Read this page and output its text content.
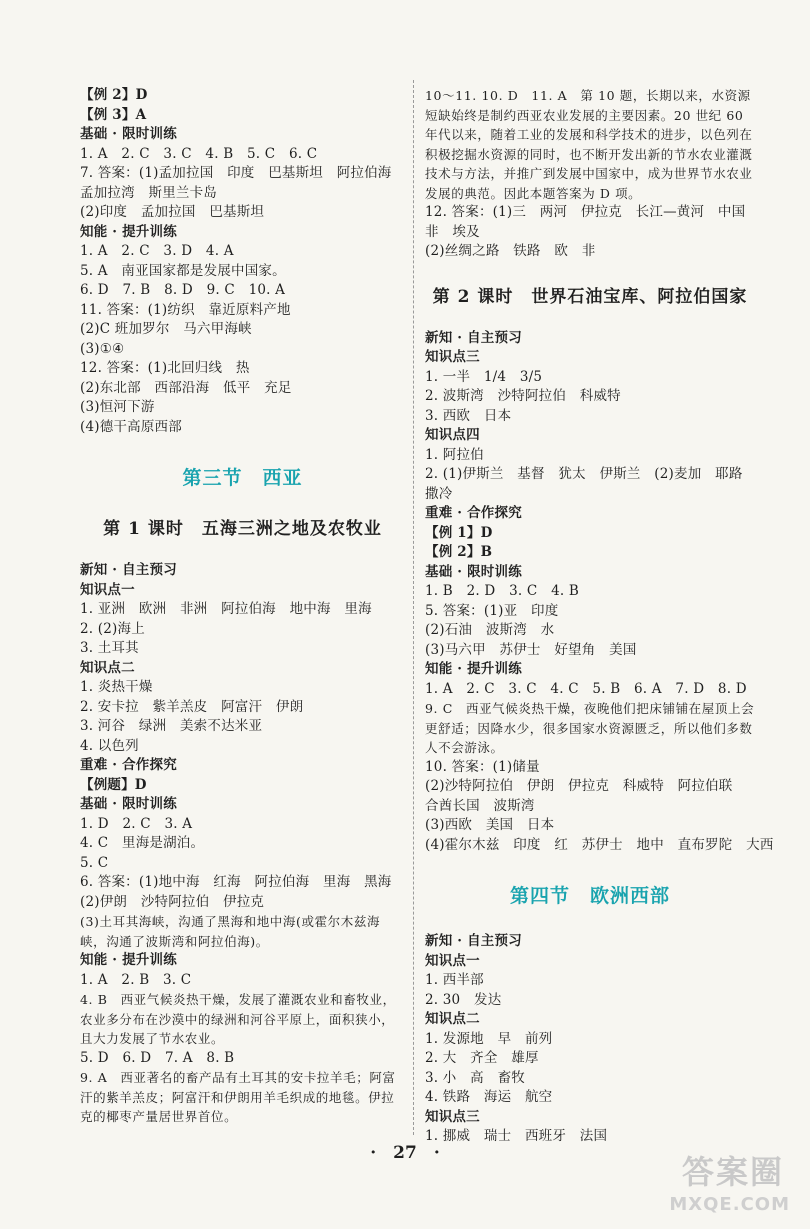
【例 2】D
【例 3】A
基础 · 限时训练
1. A　2. C　3. C　4. B　5. C　6. C
7. 答案：(1)孟加拉国　印度　巴基斯坦　阿拉伯海
孟加拉湾　斯里兰卡岛
(2)印度　孟加拉国　巴基斯坦
知能 · 提升训练
1. A　2. C　3. D　4. A
5. A　南亚国家都是发展中国家。
6. D　7. B　8. D　9. C　10. A
11. 答案：(1)纺织　靠近原料产地
(2)C 班加罗尔　马六甲海峡
(3)①④
12. 答案：(1)北回归线　热
(2)东北部　西部沿海　低平　充足
(3)恒河下游
(4)德干高原西部
第三节　西亚
第 1 课时　五海三洲之地及农牧业
新知 · 自主预习
知识点一
1. 亚洲　欧洲　非洲　阿拉伯海　地中海　里海
2. (2)海上
3. 土耳其
知识点二
1. 炎热干燥
2. 安卡拉　紫羊羔皮　阿富汗　伊朗
3. 河谷　绿洲　美索不达米亚
4. 以色列
重难 · 合作探究
【例题】D
基础 · 限时训练
1. D　2. C　3. A
4. C　里海是湖泊。
5. C
6. 答案：(1)地中海　红海　阿拉伯海　里海　黑海
(2)伊朗　沙特阿拉伯　伊拉克
(3)土耳其海峡，沟通了黑海和地中海(或霍尔木兹海峡，沟通了波斯湾和阿拉伯海)。
知能 · 提升训练
1. A　2. B　3. C
4. B　西亚气候炎热干燥，发展了灌溉农业和畜牧业，农业多分布在沙漠中的绿洲和河谷平原上，面积狭小，且大力发展了节水农业。
5. D　6. D　7. A　8. B
9. A　西亚著名的畜产品有土耳其的安卡拉羊毛；阿富汗的紫羊羔皮；阿富汗和伊朗用羊毛织成的地毯。伊拉克的椰枣产量居世界首位。
10～11. 10. D　11. A　第 10 题，长期以来，水资源短缺始终是制约西亚农业发展的主要因素。20 世纪 60 年代以来，随着工业的发展和科学技术的进步，以色列在积极挖掘水资源的同时，也不断开发出新的节水农业灌溉技术与方法，并推广到发展中国家中，成为世界节水农业发展的典范。因此本题答案为 D 项。
12. 答案：(1)三　两河　伊拉克　长江—黄河　中国
非　埃及
(2)丝绸之路　铁路　欧　非
第 2 课时　世界石油宝库、阿拉伯国家
新知 · 自主预习
知识点三
1. 一半　1/4　3/5
2. 波斯湾　沙特阿拉伯　科威特
3. 西欧　日本
知识点四
1. 阿拉伯
2. (1)伊斯兰　基督　犹太　伊斯兰　(2)麦加　耶路
撒冷
重难 · 合作探究
【例 1】D
【例 2】B
基础 · 限时训练
1. B　2. D　3. C　4. B
5. 答案：(1)亚　印度
(2)石油　波斯湾　水
(3)马六甲　苏伊士　好望角　美国
知能 · 提升训练
1. A　2. C　3. C　4. C　5. B　6. A　7. D　8. D
9. C　西亚气候炎热干燥，夜晚他们把床铺铺在屋顶上会更舒适；因降水少，很多国家水资源匮乏，所以他们多数人不会游泳。
10. 答案：(1)储量
(2)沙特阿拉伯　伊朗　伊拉克　科威特　阿拉伯联
合酋长国　波斯湾
(3)西欧　美国　日本
(4)霍尔木兹　印度　红　苏伊士　地中　直布罗陀　大西
第四节　欧洲西部
新知 · 自主预习
知识点一
1. 西半部
2. 30　发达
知识点二
1. 发源地　早　前列
2. 大　齐全　雄厚
3. 小　高　畜牧
4. 铁路　海运　航空
知识点三
1. 挪威　瑞士　西班牙　法国
·　27　·	答案圈
MXQE.COM
